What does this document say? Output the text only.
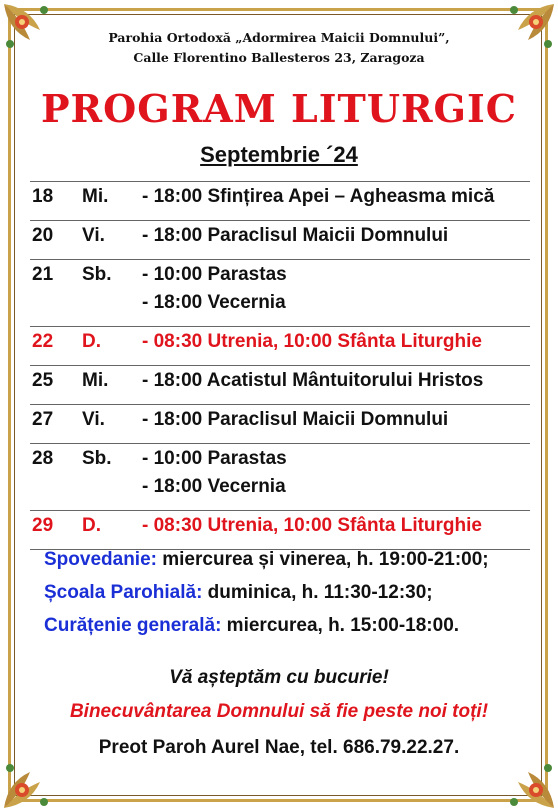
Parohia Ortodoxă „Adormirea Maicii Domnului”,
Calle Florentino Ballesteros 23, Zaragoza
PROGRAM LITURGIC
Septembrie ´24
18 Mi. - 18:00 Sfințirea Apei – Agheasma mică
20 Vi. - 18:00 Paraclisul Maicii Domnului
21 Sb. - 10:00 Parastas
- 18:00 Vecernia
22 D. - 08:30 Utrenia, 10:00 Sfânta Liturghie
25 Mi. - 18:00 Acatistul Mântuitorului Hristos
27 Vi. - 18:00 Paraclisul Maicii Domnului
28 Sb. - 10:00 Parastas
- 18:00 Vecernia
29 D. - 08:30 Utrenia, 10:00 Sfânta Liturghie
Spovedanie: miercurea și vinerea, h. 19:00-21:00;
Școala Parohială: duminica, h. 11:30-12:30;
Curățenie generală: miercurea, h. 15:00-18:00.
Vă așteptăm cu bucurie!
Binecuvântarea Domnului să fie peste noi toți!
Preot Paroh Aurel Nae, tel. 686.79.22.27.
